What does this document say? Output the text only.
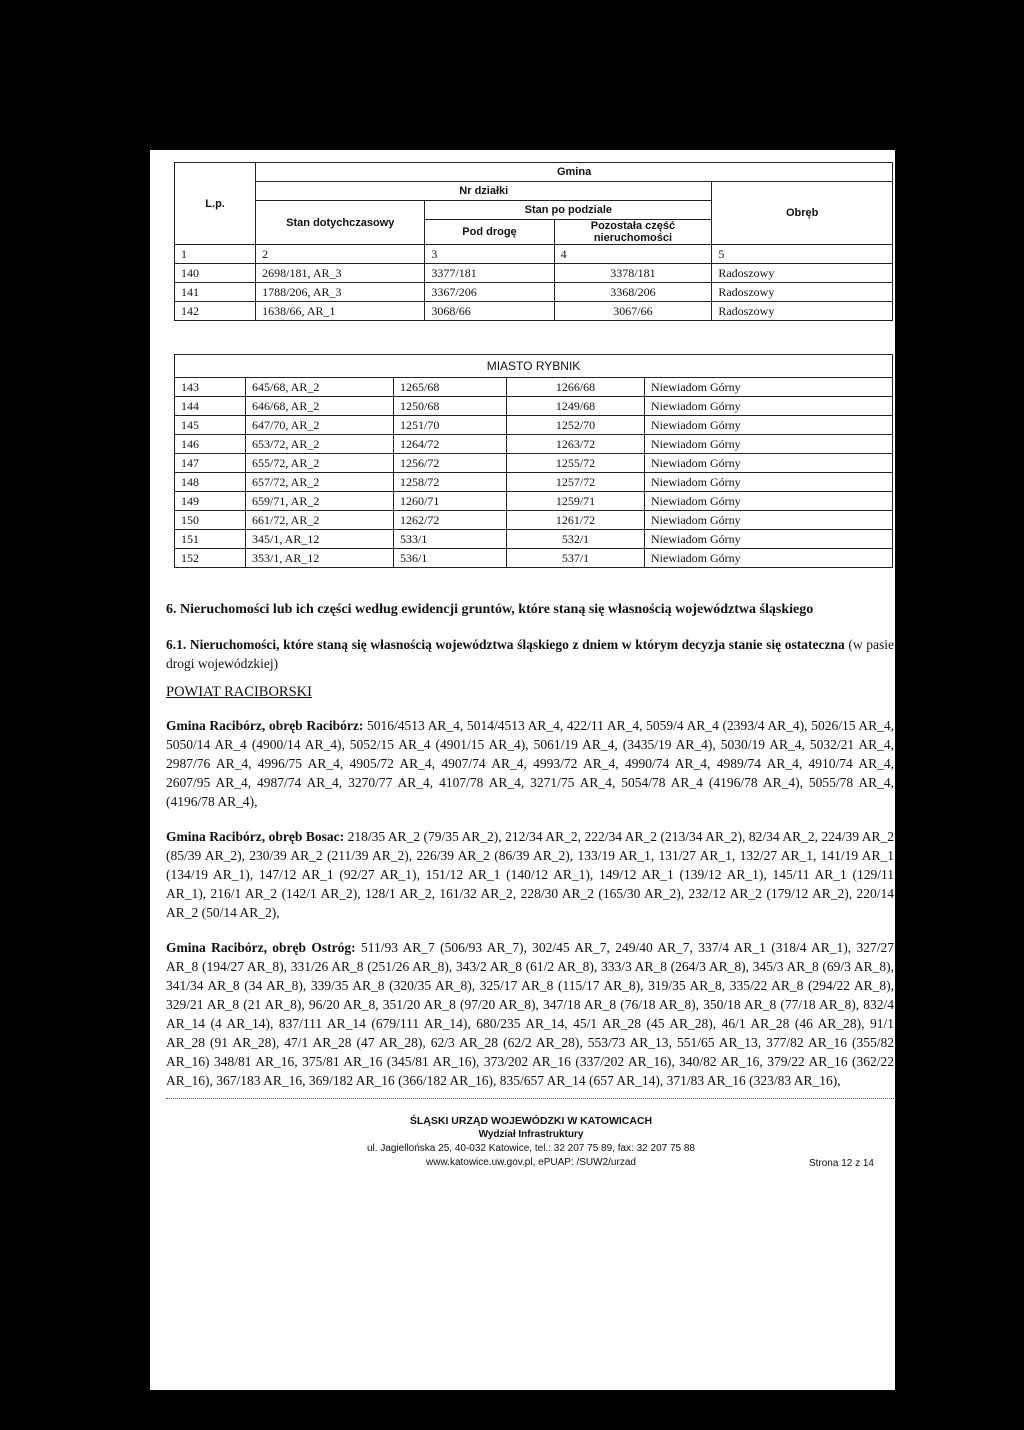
L.p.	Gmina			
	Nr działki			Obręb
	Stan dotychczasowy	Stan po podziale		
		Pod drogę	Pozostała część nieruchomości	
1	2	3	4	5
140	2698/181, AR_3	3377/181	3378/181	Radoszowy
141	1788/206, AR_3	3367/206	3368/206	Radoszowy
142	1638/66, AR_1	3068/66	3067/66	Radoszowy
MIASTO RYBNIK				
143	645/68, AR_2	1265/68	1266/68	Niewiadom Górny
144	646/68, AR_2	1250/68	1249/68	Niewiadom Górny
145	647/70, AR_2	1251/70	1252/70	Niewiadom Górny
146	653/72, AR_2	1264/72	1263/72	Niewiadom Górny
147	655/72, AR_2	1256/72	1255/72	Niewiadom Górny
148	657/72, AR_2	1258/72	1257/72	Niewiadom Górny
149	659/71, AR_2	1260/71	1259/71	Niewiadom Górny
150	661/72, AR_2	1262/72	1261/72	Niewiadom Górny
151	345/1, AR_12	533/1	532/1	Niewiadom Górny
152	353/1, AR_12	536/1	537/1	Niewiadom Górny

6. Nieruchomości lub ich części według ewidencji gruntów, które staną się własnością województwa śląskiego

6.1. Nieruchomości, które staną się własnością województwa śląskiego z dniem w którym decyzja stanie się ostateczna (w pasie drogi wojewódzkiej)

POWIAT RACIBORSKI

Gmina Racibórz, obręb Racibórz: 5016/4513 AR_4, 5014/4513 AR_4, 422/11 AR_4, 5059/4 AR_4 (2393/4 AR_4), 5026/15 AR_4, 5050/14 AR_4 (4900/14 AR_4), 5052/15 AR_4 (4901/15 AR_4), 5061/19 AR_4, (3435/19 AR_4), 5030/19 AR_4, 5032/21 AR_4, 2987/76 AR_4, 4996/75 AR_4, 4905/72 AR_4, 4907/74 AR_4, 4993/72 AR_4, 4990/74 AR_4, 4989/74 AR_4, 4910/74 AR_4, 2607/95 AR_4, 4987/74 AR_4, 3270/77 AR_4, 4107/78 AR_4, 3271/75 AR_4, 5054/78 AR_4 (4196/78 AR_4), 5055/78 AR_4, (4196/78 AR_4),

Gmina Racibórz, obręb Bosac: 218/35 AR_2 (79/35 AR_2), 212/34 AR_2, 222/34 AR_2 (213/34 AR_2), 82/34 AR_2, 224/39 AR_2 (85/39 AR_2), 230/39 AR_2 (211/39 AR_2), 226/39 AR_2 (86/39 AR_2), 133/19 AR_1, 131/27 AR_1, 132/27 AR_1, 141/19 AR_1 (134/19 AR_1), 147/12 AR_1 (92/27 AR_1), 151/12 AR_1 (140/12 AR_1), 149/12 AR_1 (139/12 AR_1), 145/11 AR_1 (129/11 AR_1), 216/1 AR_2 (142/1 AR_2), 128/1 AR_2, 161/32 AR_2, 228/30 AR_2 (165/30 AR_2), 232/12 AR_2 (179/12 AR_2), 220/14 AR_2 (50/14 AR_2),

Gmina Racibórz, obręb Ostróg: 511/93 AR_7 (506/93 AR_7), 302/45 AR_7, 249/40 AR_7, 337/4 AR_1 (318/4 AR_1), 327/27 AR_8 (194/27 AR_8), 331/26 AR_8 (251/26 AR_8), 343/2 AR_8 (61/2 AR_8), 333/3 AR_8 (264/3 AR_8), 345/3 AR_8 (69/3 AR_8), 341/34 AR_8 (34 AR_8), 339/35 AR_8 (320/35 AR_8), 325/17 AR_8 (115/17 AR_8), 319/35 AR_8, 335/22 AR_8 (294/22 AR_8), 329/21 AR_8 (21 AR_8), 96/20 AR_8, 351/20 AR_8 (97/20 AR_8), 347/18 AR_8 (76/18 AR_8), 350/18 AR_8 (77/18 AR_8), 832/4 AR_14 (4 AR_14), 837/111 AR_14 (679/111 AR_14), 680/235 AR_14, 45/1 AR_28 (45 AR_28), 46/1 AR_28 (46 AR_28), 91/1 AR_28 (91 AR_28), 47/1 AR_28 (47 AR_28), 62/3 AR_28 (62/2 AR_28), 553/73 AR_13, 551/65 AR_13, 377/82 AR_16 (355/82 AR_16) 348/81 AR_16, 375/81 AR_16 (345/81 AR_16), 373/202 AR_16 (337/202 AR_16), 340/82 AR_16, 379/22 AR_16 (362/22 AR_16), 367/183 AR_16, 369/182 AR_16 (366/182 AR_16), 835/657 AR_14 (657 AR_14), 371/83 AR_16 (323/83 AR_16),

ŚLĄSKI URZĄD WOJEWÓDZKI W KATOWICACH
Wydział Infrastruktury
ul. Jagiellońska 25, 40-032 Katowice, tel.: 32 207 75 89, fax: 32 207 75 88
www.katowice.uw.gov.pl, ePUAP: /SUW2/urzad	Strona 12 z 14
